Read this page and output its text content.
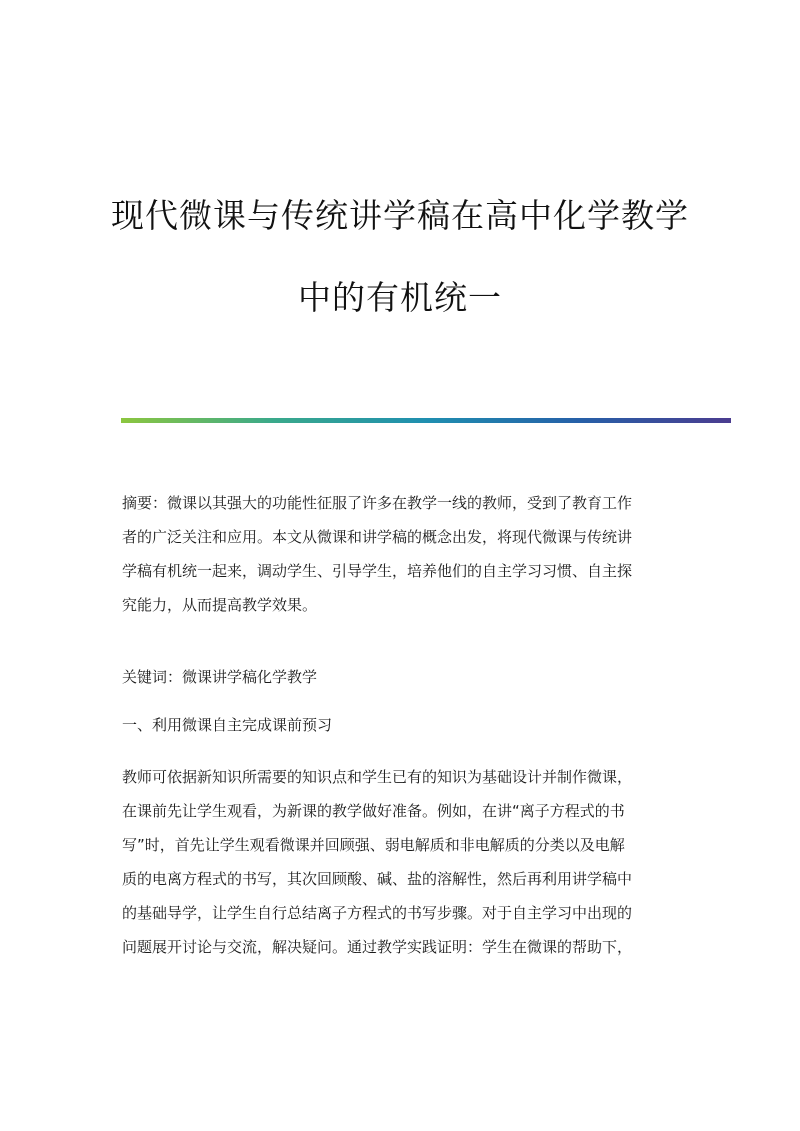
现代微课与传统讲学稿在高中化学教学
中的有机统一
摘要：微课以其强大的功能性征服了许多在教学一线的教师，受到了教育工作
者的广泛关注和应用。本文从微课和讲学稿的概念出发，将现代微课与传统讲
学稿有机统一起来，调动学生、引导学生，培养他们的自主学习习惯、自主探
究能力，从而提高教学效果。
关键词：微课讲学稿化学教学
一、利用微课自主完成课前预习
教师可依据新知识所需要的知识点和学生已有的知识为基础设计并制作微课，
在课前先让学生观看，为新课的教学做好准备。例如，在讲“离子方程式的书
写”时，首先让学生观看微课并回顾强、弱电解质和非电解质的分类以及电解
质的电离方程式的书写，其次回顾酸、碱、盐的溶解性，然后再利用讲学稿中
的基础导学，让学生自行总结离子方程式的书写步骤。对于自主学习中出现的
问题展开讨论与交流，解决疑问。通过教学实践证明：学生在微课的帮助下，
